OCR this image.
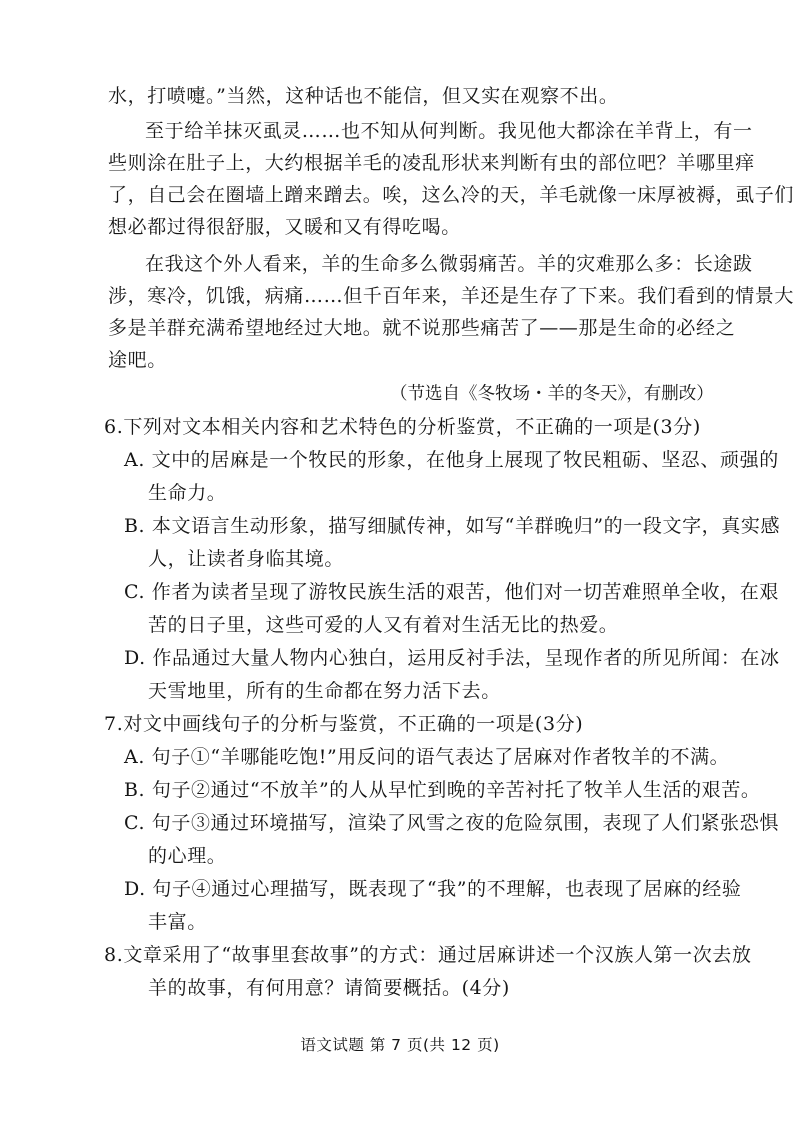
水，打喷嚏。”当然，这种话也不能信，但又实在观察不出。
至于给羊抹灭虱灵……也不知从何判断。我见他大都涂在羊背上，有一
些则涂在肚子上，大约根据羊毛的凌乱形状来判断有虫的部位吧？羊哪里痒
了，自己会在圈墙上蹭来蹭去。唉，这么冷的天，羊毛就像一床厚被褥，虱子们
想必都过得很舒服，又暖和又有得吃喝。
在我这个外人看来，羊的生命多么微弱痛苦。羊的灾难那么多：长途跋
涉，寒冷，饥饿，病痛……但千百年来，羊还是生存了下来。我们看到的情景大
多是羊群充满希望地经过大地。就不说那些痛苦了——那是生命的必经之
途吧。
（节选自《冬牧场・羊的冬天》，有删改）
6.下列对文本相关内容和艺术特色的分析鉴赏，不正确的一项是(3分)
A. 文中的居麻是一个牧民的形象，在他身上展现了牧民粗砺、坚忍、顽强的
生命力。
B. 本文语言生动形象，描写细腻传神，如写“羊群晚归”的一段文字，真实感
人，让读者身临其境。
C. 作者为读者呈现了游牧民族生活的艰苦，他们对一切苦难照单全收，在艰
苦的日子里，这些可爱的人又有着对生活无比的热爱。
D. 作品通过大量人物内心独白，运用反衬手法，呈现作者的所见所闻：在冰
天雪地里，所有的生命都在努力活下去。
7.对文中画线句子的分析与鉴赏，不正确的一项是(3分)
A. 句子①“羊哪能吃饱!”用反问的语气表达了居麻对作者牧羊的不满。
B. 句子②通过“不放羊”的人从早忙到晚的辛苦衬托了牧羊人生活的艰苦。
C. 句子③通过环境描写，渲染了风雪之夜的危险氛围，表现了人们紧张恐惧
的心理。
D. 句子④通过心理描写，既表现了“我”的不理解，也表现了居麻的经验
丰富。
8.文章采用了“故事里套故事”的方式：通过居麻讲述一个汉族人第一次去放
羊的故事，有何用意？请简要概括。(4分)
语文试题 第 7 页(共 12 页)
